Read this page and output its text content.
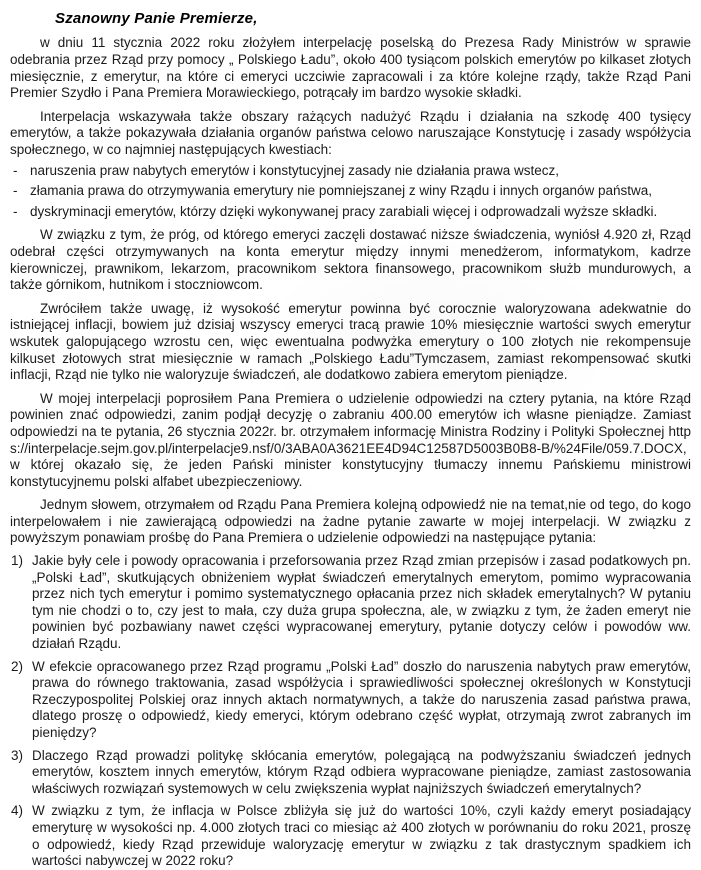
Szanowny Panie Premierze,

w dniu 11 stycznia 2022 roku złożyłem interpelację poselską do Prezesa Rady Ministrów w sprawie odebrania przez Rząd przy pomocy „ Polskiego Ładu”, około 400 tysiącom polskich emerytów po kilkaset złotych miesięcznie, z emerytur, na które ci emeryci uczciwie zapracowali i za które kolejne rządy, także Rząd Pani Premier Szydło i Pana Premiera Morawieckiego, potrącały im bardzo wysokie składki.

Interpelacja wskazywała także obszary rażących nadużyć Rządu i działania na szkodę 400 tysięcy emerytów, a także pokazywała działania organów państwa celowo naruszające Konstytucję i zasady współżycia społecznego, w co najmniej następujących kwestiach:

- naruszenia praw nabytych emerytów i konstytucyjnej zasady nie działania prawa wstecz,
- złamania prawa do otrzymywania emerytury nie pomniejszanej z winy Rządu i innych organów państwa,
- dyskryminacji emerytów, którzy dzięki wykonywanej pracy zarabiali więcej i odprowadzali wyższe składki.

W związku z tym, że próg, od którego emeryci zaczęli dostawać niższe świadczenia, wyniósł 4.920 zł, Rząd odebrał części otrzymywanych na konta emerytur między innymi menedżerom, informatykom, kadrze kierowniczej, prawnikom, lekarzom, pracownikom sektora finansowego, pracownikom służb mundurowych, a także górnikom, hutnikom i stoczniowcom.

Zwróciłem także uwagę, iż wysokość emerytur powinna być corocznie waloryzowana adekwatnie do istniejącej inflacji, bowiem już dzisiaj wszyscy emeryci tracą prawie 10% miesięcznie wartości swych emerytur wskutek galopującego wzrostu cen, więc ewentualna podwyżka emerytury o 100 złotych nie rekompensuje kilkuset złotowych strat miesięcznie w ramach „Polskiego Ładu”Tymczasem, zamiast rekompensować skutki inflacji, Rząd nie tylko nie waloryzuje świadczeń, ale dodatkowo zabiera emerytom pieniądze.

W mojej interpelacji poprosiłem Pana Premiera o udzielenie odpowiedzi na cztery pytania, na które Rząd powinien znać odpowiedzi, zanim podjął decyzję o zabraniu 400.00 emerytów ich własne pieniądze. Zamiast odpowiedzi na te pytania, 26 stycznia 2022r. br. otrzymałem informację Ministra Rodziny i Polityki Społecznej https://interpelacje.sejm.gov.pl/interpelacje9.nsf/0/3ABA0A3621EE4D94C12587D5003B0B8-B/%24File/059.7.DOCX, w której okazało się, że jeden Pański minister konstytucyjny tłumaczy innemu Pańskiemu ministrowi konstytucyjnemu polski alfabet ubezpieczeniowy.

Jednym słowem, otrzymałem od Rządu Pana Premiera kolejną odpowiedź nie na temat,nie od tego, do kogo interpelowałem i nie zawierającą odpowiedzi na żadne pytanie zawarte w mojej interpelacji. W związku z powyższym ponawiam prośbę do Pana Premiera o udzielenie odpowiedzi na następujące pytania:

1) Jakie były cele i powody opracowania i przeforsowania przez Rząd zmian przepisów i zasad podatkowych pn. „Polski Ład”, skutkujących obniżeniem wypłat świadczeń emerytalnych emerytom, pomimo wypracowania przez nich tych emerytur i pomimo systematycznego opłacania przez nich składek emerytalnych? W pytaniu tym nie chodzi o to, czy jest to mała, czy duża grupa społeczna, ale, w związku z tym, że żaden emeryt nie powinien być pozbawiany nawet części wypracowanej emerytury, pytanie dotyczy celów i powodów ww. działań Rządu.
2) W efekcie opracowanego przez Rząd programu „Polski Ład” doszło do naruszenia nabytych praw emerytów, prawa do równego traktowania, zasad współżycia i sprawiedliwości społecznej określonych w Konstytucji Rzeczypospolitej Polskiej oraz innych aktach normatywnych, a także do naruszenia zasad państwa prawa, dlatego proszę o odpowiedź, kiedy emeryci, którym odebrano część wypłat, otrzymają zwrot zabranych im pieniędzy?
3) Dlaczego Rząd prowadzi politykę skłócania emerytów, polegającą na podwyższaniu świadczeń jednych emerytów, kosztem innych emerytów, którym Rząd odbiera wypracowane pieniądze, zamiast zastosowania właściwych rozwiązań systemowych w celu zwiększenia wypłat najniższych świadczeń emerytalnych?
4) W związku z tym, że inflacja w Polsce zbliżyła się już do wartości 10%, czyli każdy emeryt posiadający emeryturę w wysokości np. 4.000 złotych traci co miesiąc aż 400 złotych w porównaniu do roku 2021, proszę o odpowiedź, kiedy Rząd przewiduje waloryzację emerytur w związku z tak drastycznym spadkiem ich wartości nabywczej w 2022 roku?
